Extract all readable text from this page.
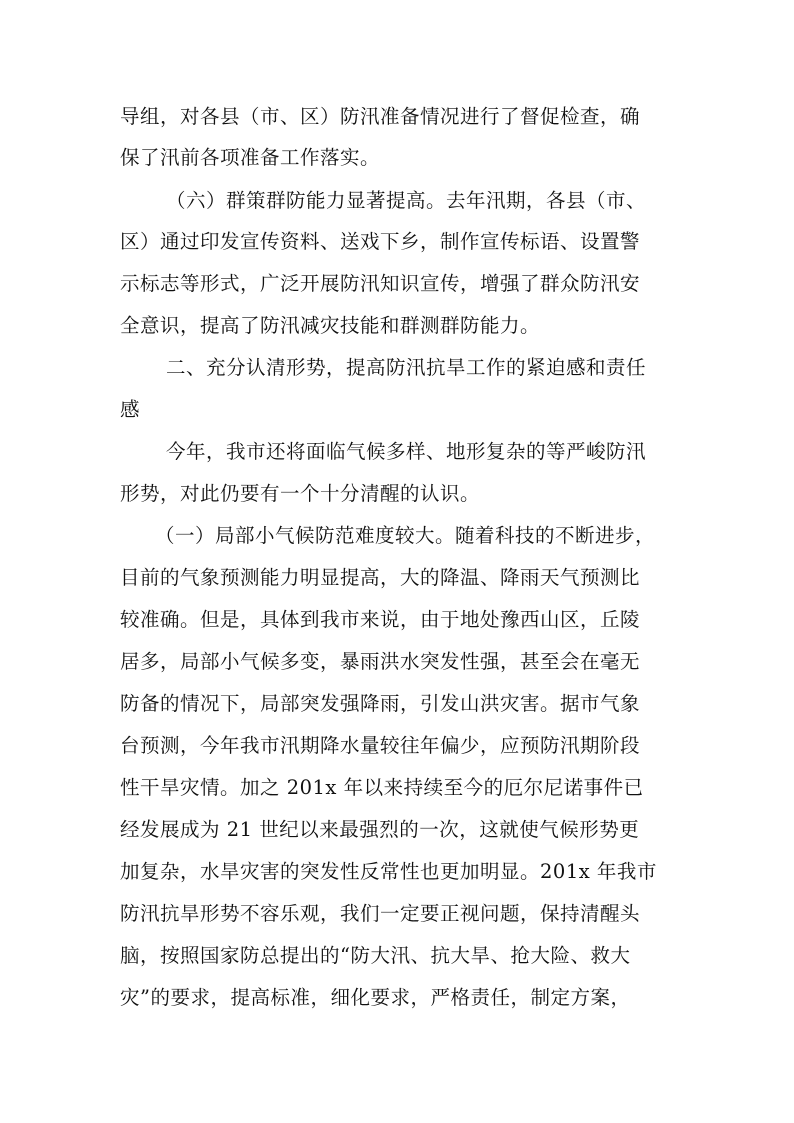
导组，对各县（市、区）防汛准备情况进行了督促检查，确
保了汛前各项准备工作落实。
（六）群策群防能力显著提高。去年汛期，各县（市、
区）通过印发宣传资料、送戏下乡，制作宣传标语、设置警
示标志等形式，广泛开展防汛知识宣传，增强了群众防汛安
全意识，提高了防汛减灾技能和群测群防能力。
二、充分认清形势，提高防汛抗旱工作的紧迫感和责任
感
今年，我市还将面临气候多样、地形复杂的等严峻防汛
形势，对此仍要有一个十分清醒的认识。
（一）局部小气候防范难度较大。随着科技的不断进步，
目前的气象预测能力明显提高，大的降温、降雨天气预测比
较准确。但是，具体到我市来说，由于地处豫西山区，丘陵
居多，局部小气候多变，暴雨洪水突发性强，甚至会在毫无
防备的情况下，局部突发强降雨，引发山洪灾害。据市气象
台预测，今年我市汛期降水量较往年偏少，应预防汛期阶段
性干旱灾情。加之 201x 年以来持续至今的厄尔尼诺事件已
经发展成为 21 世纪以来最强烈的一次，这就使气候形势更
加复杂，水旱灾害的突发性反常性也更加明显。201x 年我市
防汛抗旱形势不容乐观，我们一定要正视问题，保持清醒头
脑，按照国家防总提出的“防大汛、抗大旱、抢大险、救大
灾”的要求，提高标准，细化要求，严格责任，制定方案，
